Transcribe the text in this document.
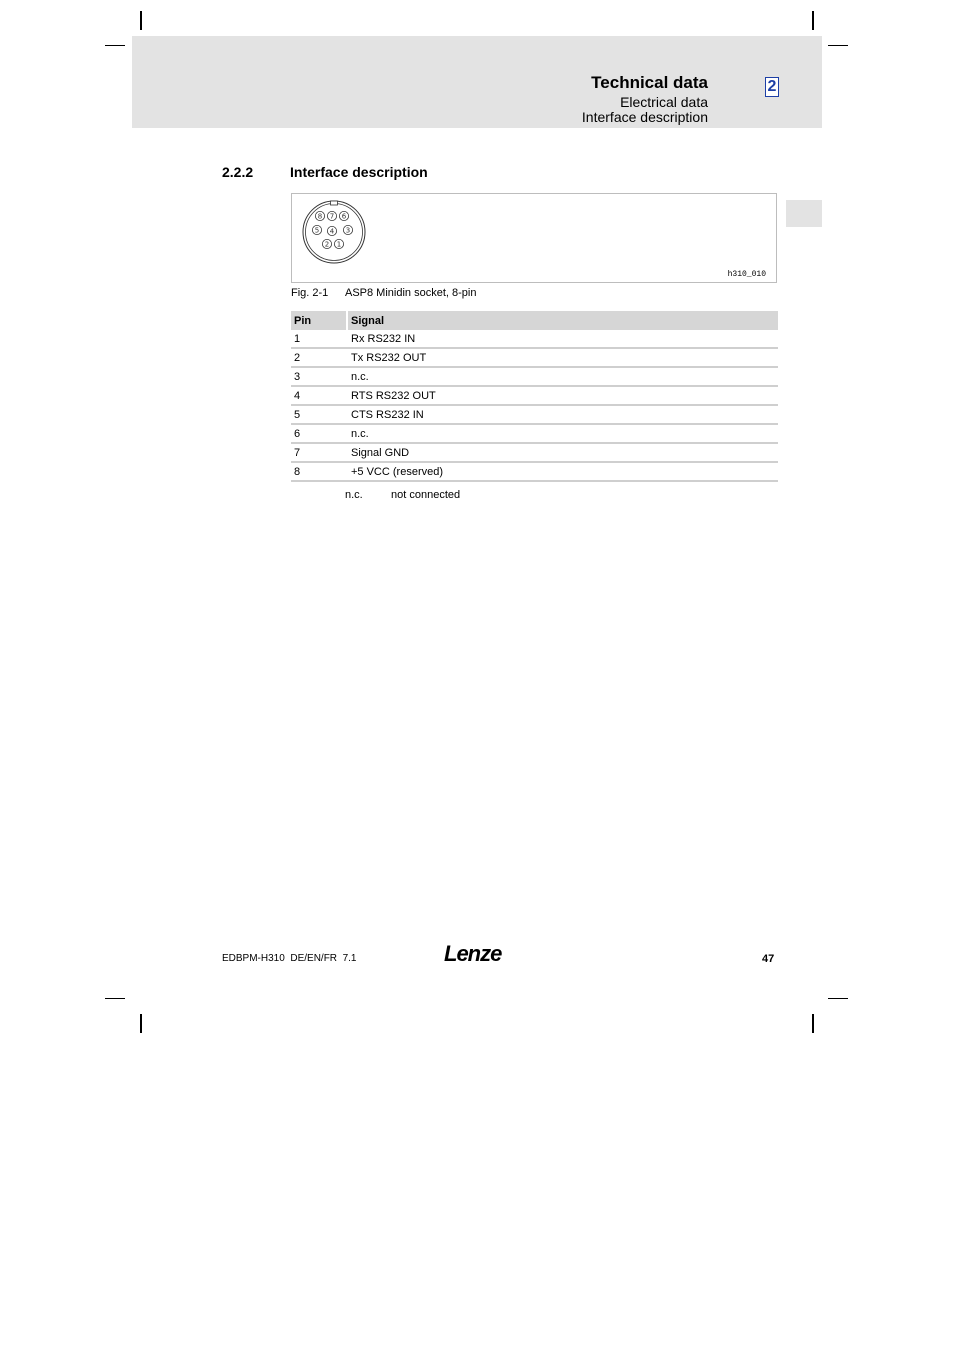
Technical data
Electrical data
Interface description
2
2.2.2	Interface description
8 7 6
5 4 3
2 1
h310_010
Fig. 2-1 ASP8 Minidin socket, 8-pin
Pin	Signal
1	Rx RS232 IN
2	Tx RS232 OUT
3	n.c.
4	RTS RS232 OUT
5	CTS RS232 IN
6	n.c.
7	Signal GND
8	+5 VCC (reserved)
n.c.	not connected
EDBPM-H310  DE/EN/FR  7.1	Lenze	47
